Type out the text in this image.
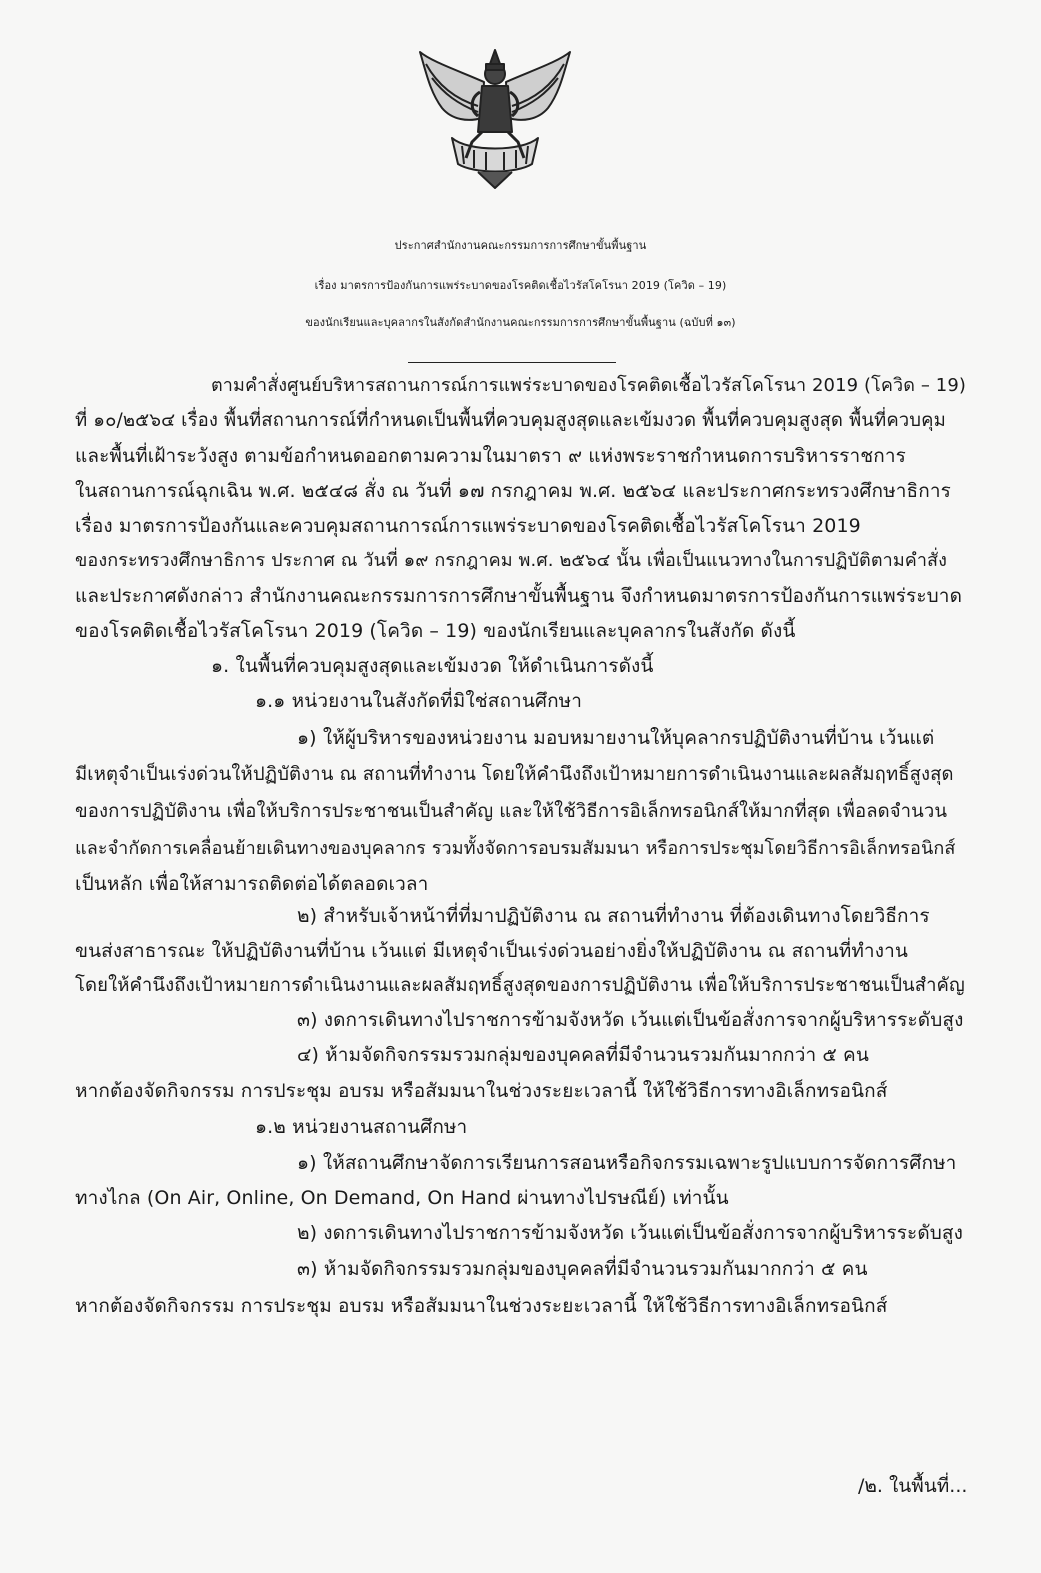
ประกาศสำนักงานคณะกรรมการการศึกษาขั้นพื้นฐาน
เรื่อง มาตรการป้องกันการแพร่ระบาดของโรคติดเชื้อไวรัสโคโรนา 2019 (โควิด – 19)
ของนักเรียนและบุคลากรในสังกัดสำนักงานคณะกรรมการการศึกษาขั้นพื้นฐาน (ฉบับที่ ๑๓)
ตามคำสั่งศูนย์บริหารสถานการณ์การแพร่ระบาดของโรคติดเชื้อไวรัสโคโรนา 2019 (โควิด – 19)
ที่ ๑๐/๒๕๖๔ เรื่อง พื้นที่สถานการณ์ที่กำหนดเป็นพื้นที่ควบคุมสูงสุดและเข้มงวด พื้นที่ควบคุมสูงสุด พื้นที่ควบคุม
และพื้นที่เฝ้าระวังสูง ตามข้อกำหนดออกตามความในมาตรา ๙ แห่งพระราชกำหนดการบริหารราชการ
ในสถานการณ์ฉุกเฉิน พ.ศ. ๒๕๔๘ สั่ง ณ วันที่ ๑๗ กรกฎาคม พ.ศ. ๒๕๖๔ และประกาศกระทรวงศึกษาธิการ
เรื่อง มาตรการป้องกันและควบคุมสถานการณ์การแพร่ระบาดของโรคติดเชื้อไวรัสโคโรนา 2019
ของกระทรวงศึกษาธิการ ประกาศ ณ วันที่ ๑๙ กรกฎาคม พ.ศ. ๒๕๖๔ นั้น เพื่อเป็นแนวทางในการปฏิบัติตามคำสั่ง
และประกาศดังกล่าว สำนักงานคณะกรรมการการศึกษาขั้นพื้นฐาน จึงกำหนดมาตรการป้องกันการแพร่ระบาด
ของโรคติดเชื้อไวรัสโคโรนา 2019 (โควิด – 19) ของนักเรียนและบุคลากรในสังกัด ดังนี้
๑. ในพื้นที่ควบคุมสูงสุดและเข้มงวด ให้ดำเนินการดังนี้
๑.๑ หน่วยงานในสังกัดที่มิใช่สถานศึกษา
๑) ให้ผู้บริหารของหน่วยงาน มอบหมายงานให้บุคลากรปฏิบัติงานที่บ้าน เว้นแต่
มีเหตุจำเป็นเร่งด่วนให้ปฏิบัติงาน ณ สถานที่ทำงาน โดยให้คำนึงถึงเป้าหมายการดำเนินงานและผลสัมฤทธิ์สูงสุด
ของการปฏิบัติงาน เพื่อให้บริการประชาชนเป็นสำคัญ และให้ใช้วิธีการอิเล็กทรอนิกส์ให้มากที่สุด เพื่อลดจำนวน
และจำกัดการเคลื่อนย้ายเดินทางของบุคลากร รวมทั้งจัดการอบรมสัมมนา หรือการประชุมโดยวิธีการอิเล็กทรอนิกส์
เป็นหลัก เพื่อให้สามารถติดต่อได้ตลอดเวลา
๒) สำหรับเจ้าหน้าที่ที่มาปฏิบัติงาน ณ สถานที่ทำงาน ที่ต้องเดินทางโดยวิธีการ
ขนส่งสาธารณะ ให้ปฏิบัติงานที่บ้าน เว้นแต่ มีเหตุจำเป็นเร่งด่วนอย่างยิ่งให้ปฏิบัติงาน ณ สถานที่ทำงาน
โดยให้คำนึงถึงเป้าหมายการดำเนินงานและผลสัมฤทธิ์สูงสุดของการปฏิบัติงาน เพื่อให้บริการประชาชนเป็นสำคัญ
๓) งดการเดินทางไปราชการข้ามจังหวัด เว้นแต่เป็นข้อสั่งการจากผู้บริหารระดับสูง
๔) ห้ามจัดกิจกรรมรวมกลุ่มของบุคคลที่มีจำนวนรวมกันมากกว่า ๕ คน
หากต้องจัดกิจกรรม การประชุม อบรม หรือสัมมนาในช่วงระยะเวลานี้ ให้ใช้วิธีการทางอิเล็กทรอนิกส์
๑.๒ หน่วยงานสถานศึกษา
๑) ให้สถานศึกษาจัดการเรียนการสอนหรือกิจกรรมเฉพาะรูปแบบการจัดการศึกษา
ทางไกล (On Air, Online, On Demand, On Hand ผ่านทางไปรษณีย์) เท่านั้น
๒) งดการเดินทางไปราชการข้ามจังหวัด เว้นแต่เป็นข้อสั่งการจากผู้บริหารระดับสูง
๓) ห้ามจัดกิจกรรมรวมกลุ่มของบุคคลที่มีจำนวนรวมกันมากกว่า ๕ คน
หากต้องจัดกิจกรรม การประชุม อบรม หรือสัมมนาในช่วงระยะเวลานี้ ให้ใช้วิธีการทางอิเล็กทรอนิกส์
/๒. ในพื้นที่...
